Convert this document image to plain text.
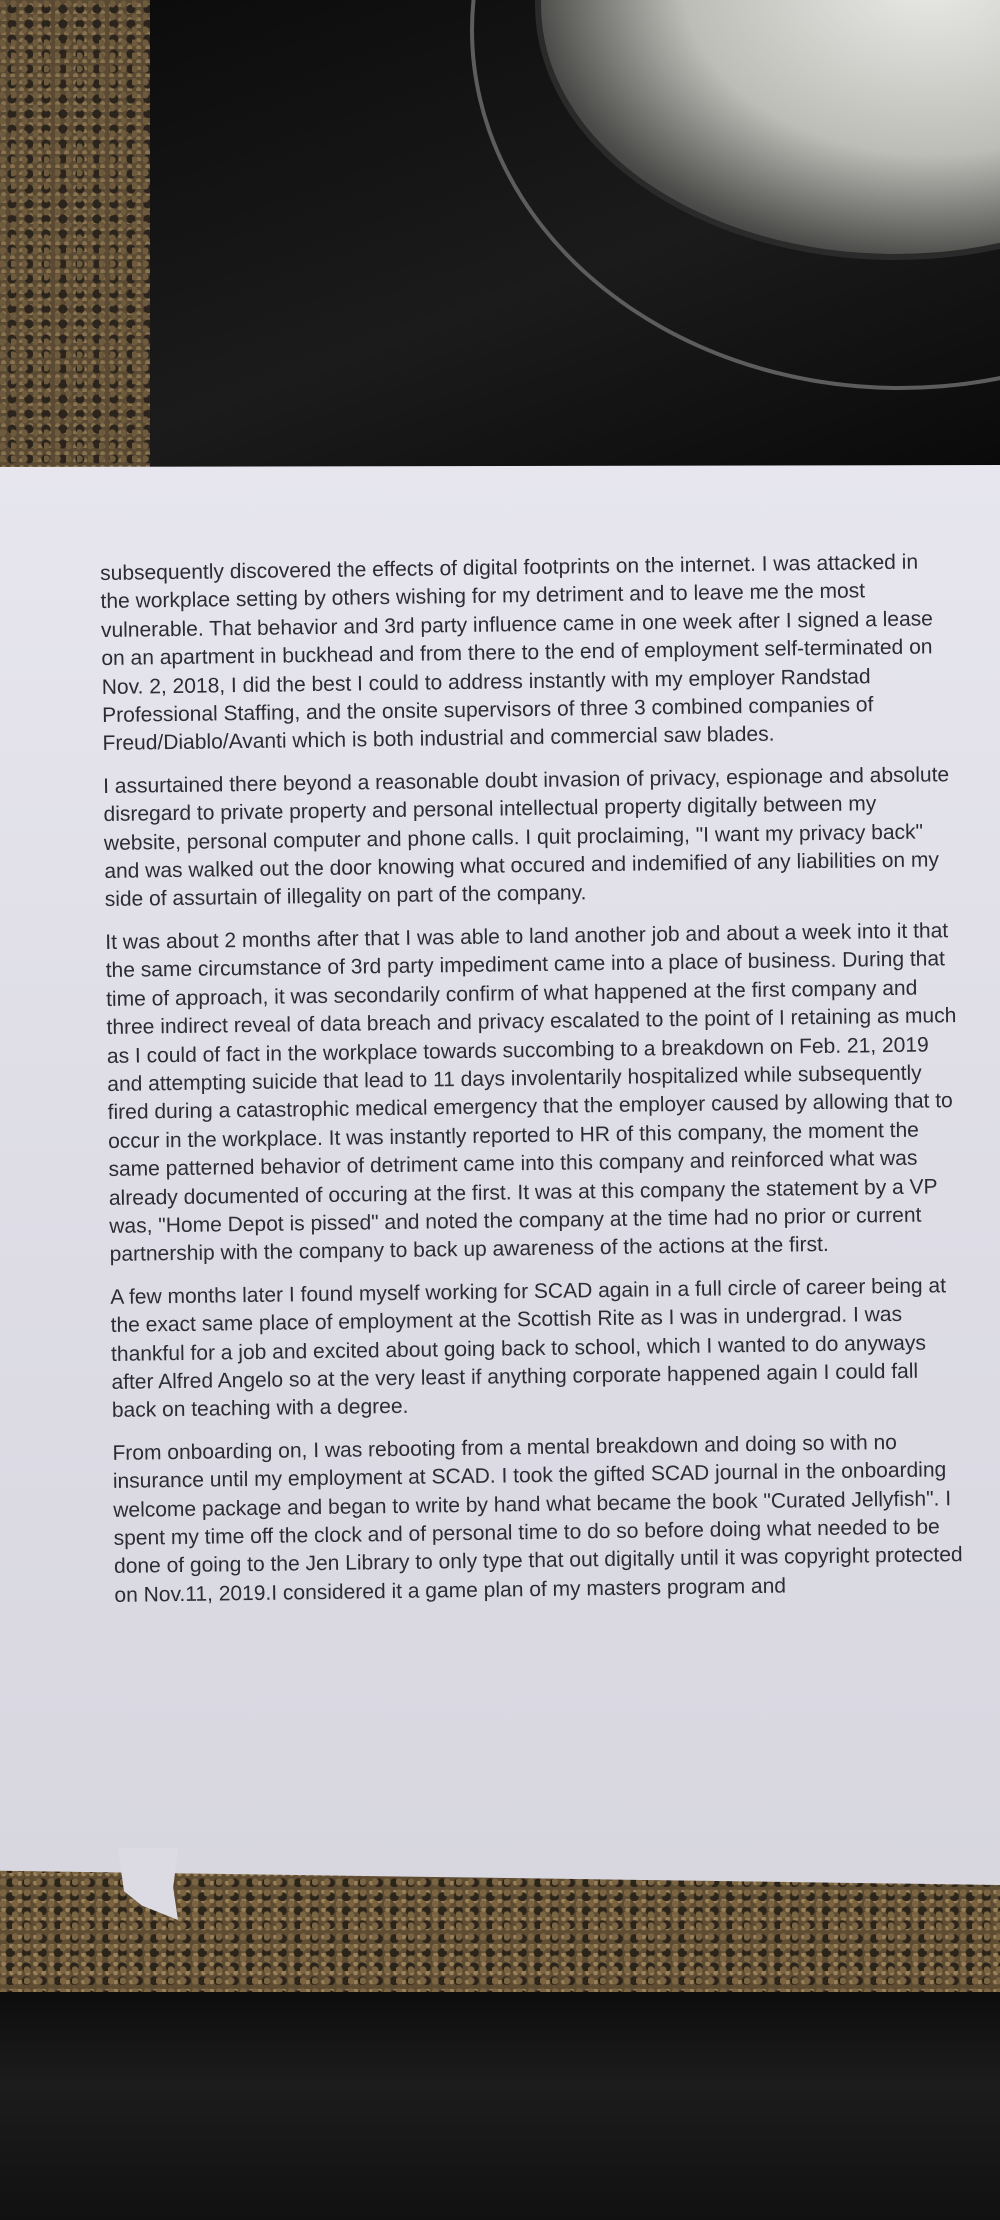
subsequently discovered the effects of digital footprints on the internet. I was attacked in the workplace setting by others wishing for my detriment and to leave me the most vulnerable. That behavior and 3rd party influence came in one week after I signed a lease on an apartment in buckhead and from there to the end of employment self-terminated on Nov. 2, 2018, I did the best I could to address instantly with my employer Randstad Professional Staffing, and the onsite supervisors of three 3 combined companies of Freud/Diablo/Avanti which is both industrial and commercial saw blades.

I assurtained there beyond a reasonable doubt invasion of privacy, espionage and absolute disregard to private property and personal intellectual property digitally between my website, personal computer and phone calls. I quit proclaiming, "I want my privacy back" and was walked out the door knowing what occured and indemified of any liabilities on my side of assurtain of illegality on part of the company.

It was about 2 months after that I was able to land another job and about a week into it that the same circumstance of 3rd party impediment came into a place of business. During that time of approach, it was secondarily confirm of what happened at the first company and three indirect reveal of data breach and privacy escalated to the point of I retaining as much as I could of fact in the workplace towards succombing to a breakdown on Feb. 21, 2019 and attempting suicide that lead to 11 days involentarily hospitalized while subsequently fired during a catastrophic medical emergency that the employer caused by allowing that to occur in the workplace. It was instantly reported to HR of this company, the moment the same patterned behavior of detriment came into this company and reinforced what was already documented of occuring at the first. It was at this company the statement by a VP was, "Home Depot is pissed" and noted the company at the time had no prior or current partnership with the company to back up awareness of the actions at the first.

A few months later I found myself working for SCAD again in a full circle of career being at the exact same place of employment at the Scottish Rite as I was in undergrad. I was thankful for a job and excited about going back to school, which I wanted to do anyways after Alfred Angelo so at the very least if anything corporate happened again I could fall back on teaching with a degree.

From onboarding on, I was rebooting from a mental breakdown and doing so with no insurance until my employment at SCAD. I took the gifted SCAD journal in the onboarding welcome package and began to write by hand what became the book "Curated Jellyfish". I spent my time off the clock and of personal time to do so before doing what needed to be done of going to the Jen Library to only type that out digitally until it was copyright protected on Nov.11, 2019.I considered it a game plan of my masters program and
